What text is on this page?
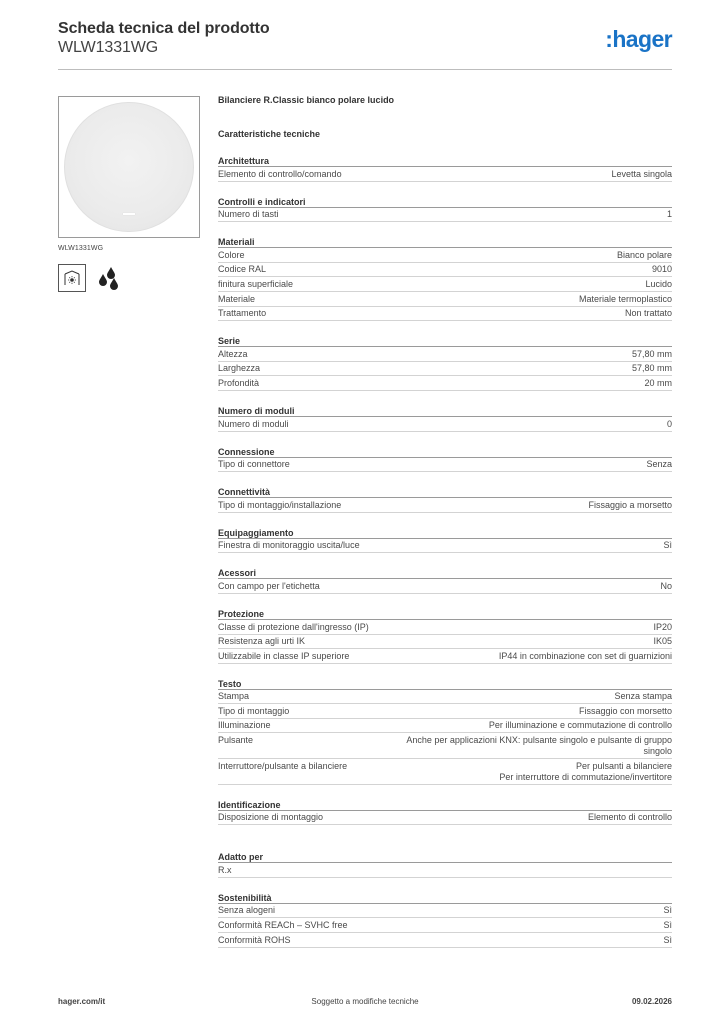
Scheda tecnica del prodotto
WLW1331WG	:hager
WLW1331WG
Bilanciere R.Classic bianco polare lucido
Caratteristiche tecniche
Architettura
Elemento di controllo/comando	Levetta singola
Controlli e indicatori
Numero di tasti	1
Materiali
Colore	Bianco polare
Codice RAL	9010
finitura superficiale	Lucido
Materiale	Materiale termoplastico
Trattamento	Non trattato
Serie
Altezza	57,80 mm
Larghezza	57,80 mm
Profondità	20 mm
Numero di moduli
Numero di moduli	0
Connessione
Tipo di connettore	Senza
Connettività
Tipo di montaggio/installazione	Fissaggio a morsetto
Equipaggiamento
Finestra di monitoraggio uscita/luce	Sì
Acessori
Con campo per l'etichetta	No
Protezione
Classe di protezione dall'ingresso (IP)	IP20
Resistenza agli urti IK	IK05
Utilizzabile in classe IP superiore	IP44 in combinazione con set di guarnizioni
Testo
Stampa	Senza stampa
Tipo di montaggio	Fissaggio con morsetto
Illuminazione	Per illuminazione e commutazione di controllo
Pulsante	Anche per applicazioni KNX: pulsante singolo e pulsante di gruppo
singolo
Interruttore/pulsante a bilanciere	Per pulsanti a bilanciere
Per interruttore di commutazione/invertitore
Identificazione
Disposizione di montaggio	Elemento di controllo
Adatto per
R.x
Sostenibilità
Senza alogeni	Sì
Conformità REACh – SVHC free	Sì
Conformità ROHS	Sì
hager.com/it	Soggetto a modifiche tecniche	09.02.2026
